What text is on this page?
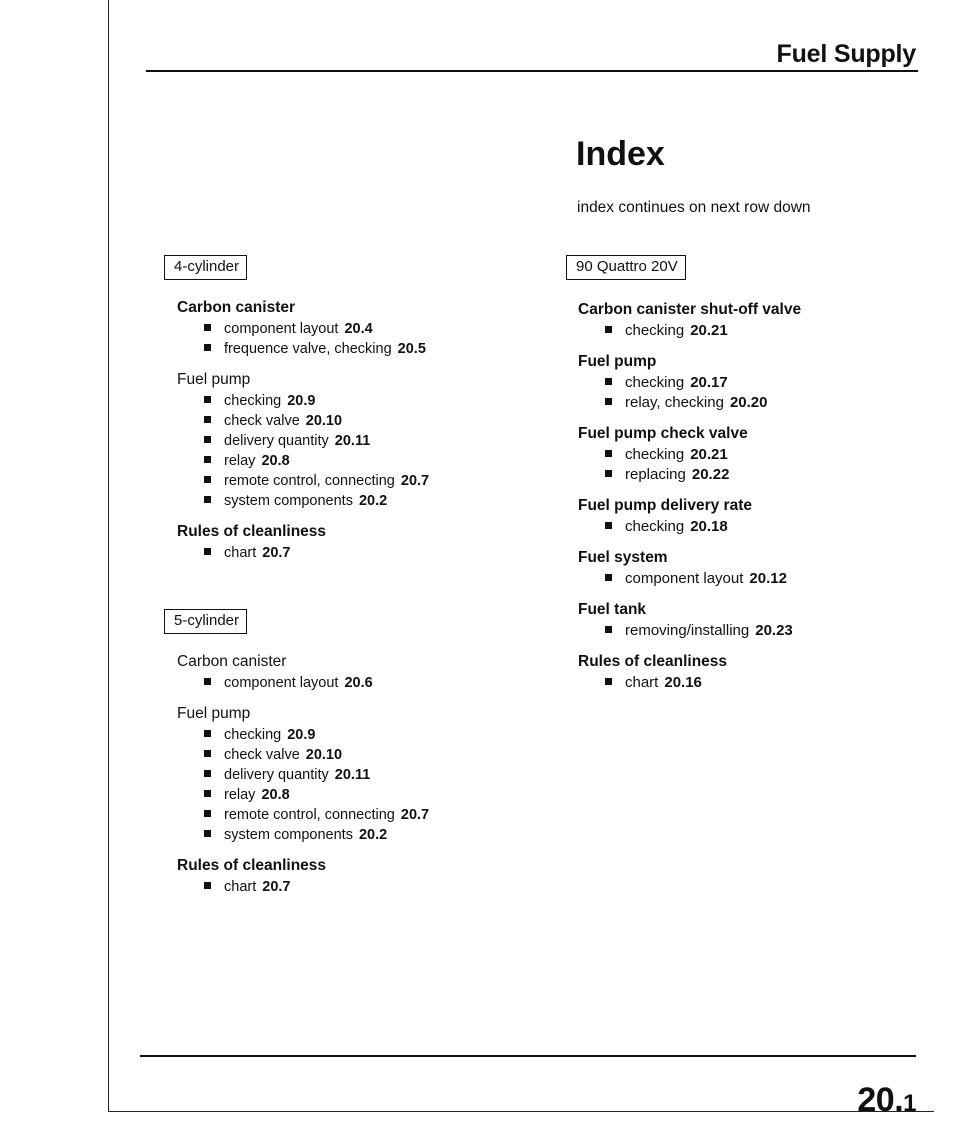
Fuel Supply
Index
index continues on next row down
4-cylinder
Carbon canister
component layout 20.4
frequence valve, checking 20.5
Fuel pump
checking 20.9
check valve 20.10
delivery quantity 20.11
relay 20.8
remote control, connecting 20.7
system components 20.2
Rules of cleanliness
chart 20.7
5-cylinder
Carbon canister
component layout 20.6
Fuel pump
checking 20.9
check valve 20.10
delivery quantity 20.11
relay 20.8
remote control, connecting 20.7
system components 20.2
Rules of cleanliness
chart 20.7
90 Quattro 20V
Carbon canister shut-off valve
checking 20.21
Fuel pump
checking 20.17
relay, checking 20.20
Fuel pump check valve
checking 20.21
replacing 20.22
Fuel pump delivery rate
checking 20.18
Fuel system
component layout 20.12
Fuel tank
removing/installing 20.23
Rules of cleanliness
chart 20.16
20.1
